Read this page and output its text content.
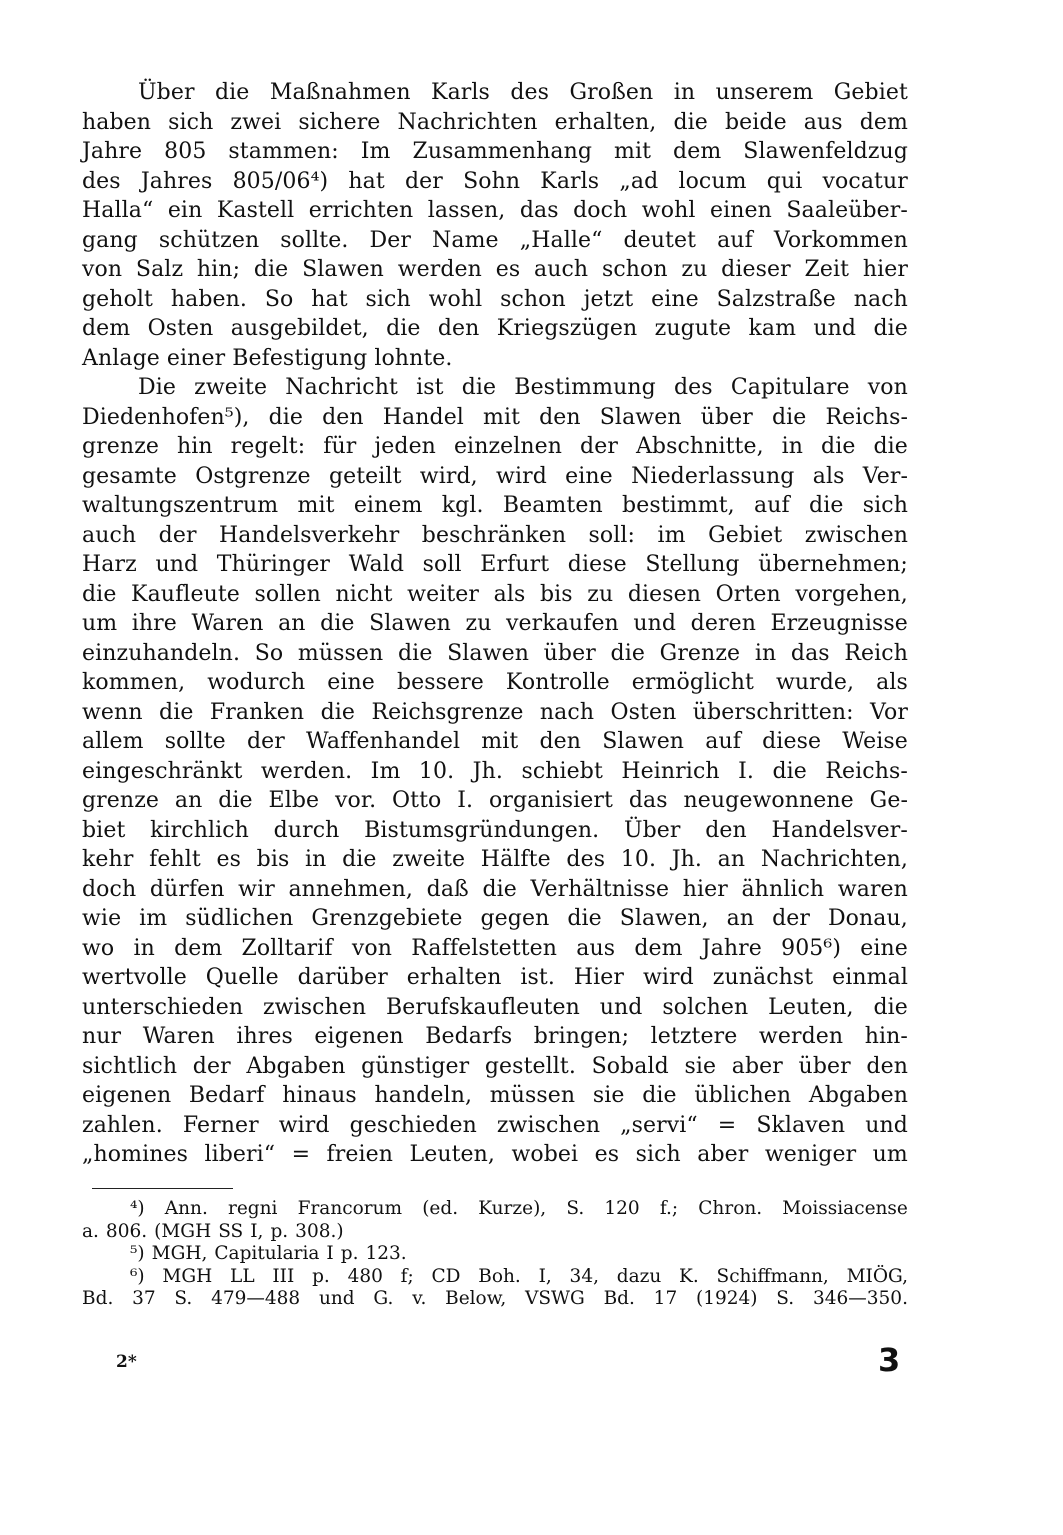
Über die Maßnahmen Karls des Großen in unserem Gebiet
haben sich zwei sichere Nachrichten erhalten, die beide aus dem
Jahre 805 stammen: Im Zusammenhang mit dem Slawenfeldzug
des Jahres 805/06⁴) hat der Sohn Karls „ad locum qui vocatur
Halla“ ein Kastell errichten lassen, das doch wohl einen Saaleüber-
gang schützen sollte. Der Name „Halle“ deutet auf Vorkommen
von Salz hin; die Slawen werden es auch schon zu dieser Zeit hier
geholt haben. So hat sich wohl schon jetzt eine Salzstraße nach
dem Osten ausgebildet, die den Kriegszügen zugute kam und die
Anlage einer Befestigung lohnte.
Die zweite Nachricht ist die Bestimmung des Capitulare von
Diedenhofen⁵), die den Handel mit den Slawen über die Reichs-
grenze hin regelt: für jeden einzelnen der Abschnitte, in die die
gesamte Ostgrenze geteilt wird, wird eine Niederlassung als Ver-
waltungszentrum mit einem kgl. Beamten bestimmt, auf die sich
auch der Handelsverkehr beschränken soll: im Gebiet zwischen
Harz und Thüringer Wald soll Erfurt diese Stellung übernehmen;
die Kaufleute sollen nicht weiter als bis zu diesen Orten vorgehen,
um ihre Waren an die Slawen zu verkaufen und deren Erzeugnisse
einzuhandeln. So müssen die Slawen über die Grenze in das Reich
kommen, wodurch eine bessere Kontrolle ermöglicht wurde, als
wenn die Franken die Reichsgrenze nach Osten überschritten: Vor
allem sollte der Waffenhandel mit den Slawen auf diese Weise
eingeschränkt werden. Im 10. Jh. schiebt Heinrich I. die Reichs-
grenze an die Elbe vor. Otto I. organisiert das neugewonnene Ge-
biet kirchlich durch Bistumsgründungen. Über den Handelsver-
kehr fehlt es bis in die zweite Hälfte des 10. Jh. an Nachrichten,
doch dürfen wir annehmen, daß die Verhältnisse hier ähnlich waren
wie im südlichen Grenzgebiete gegen die Slawen, an der Donau,
wo in dem Zolltarif von Raffelstetten aus dem Jahre 905⁶) eine
wertvolle Quelle darüber erhalten ist. Hier wird zunächst einmal
unterschieden zwischen Berufskaufleuten und solchen Leuten, die
nur Waren ihres eigenen Bedarfs bringen; letztere werden hin-
sichtlich der Abgaben günstiger gestellt. Sobald sie aber über den
eigenen Bedarf hinaus handeln, müssen sie die üblichen Abgaben
zahlen. Ferner wird geschieden zwischen „servi“ = Sklaven und
„homines liberi“ = freien Leuten, wobei es sich aber weniger um
⁴) Ann. regni Francorum (ed. Kurze), S. 120 f.; Chron. Moissiacense
a. 806. (MGH SS I, p. 308.)
⁵) MGH, Capitularia I p. 123.
⁶) MGH LL III p. 480 f; CD Boh. I, 34, dazu K. Schiffmann, MIÖG,
Bd. 37 S. 479—488 und G. v. Below, VSWG Bd. 17 (1924) S. 346—350.
2*	3
